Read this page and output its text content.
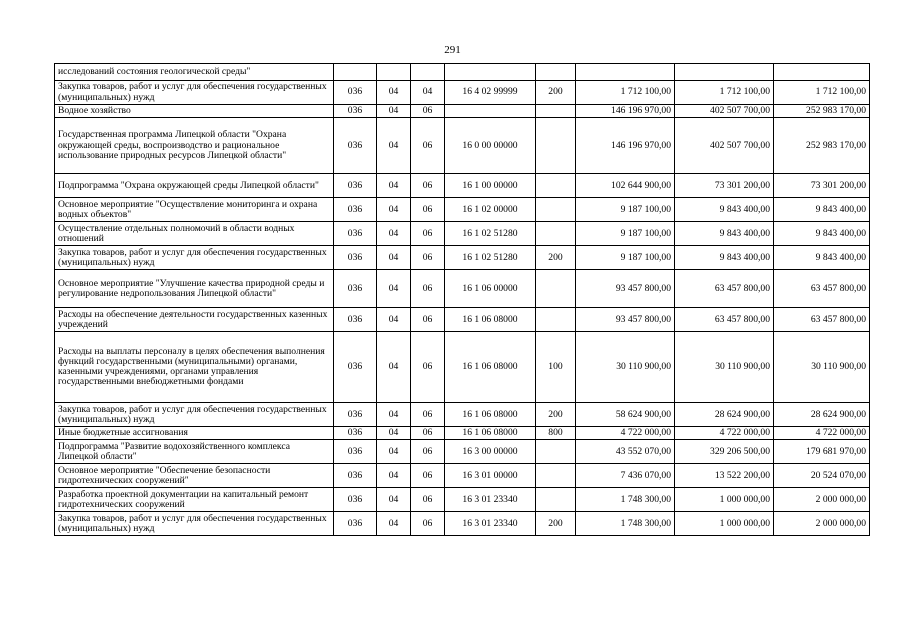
291
исследований состояния геологической среды"								
Закупка товаров, работ и услуг для обеспечения государственных (муниципальных) нужд	036	04	04	16 4 02 99999	200	1 712 100,00	1 712 100,00	1 712 100,00
Водное хозяйство	036	04	06			146 196 970,00	402 507 700,00	252 983 170,00
Государственная программа Липецкой области "Охрана окружающей среды, воспроизводство и рациональное использование природных ресурсов Липецкой области"	036	04	06	16 0 00 00000		146 196 970,00	402 507 700,00	252 983 170,00
Подпрограмма "Охрана окружающей среды Липецкой области"	036	04	06	16 1 00 00000		102 644 900,00	73 301 200,00	73 301 200,00
Основное мероприятие "Осуществление мониторинга и охрана водных объектов"	036	04	06	16 1 02 00000		9 187 100,00	9 843 400,00	9 843 400,00
Осуществление отдельных полномочий в области водных отношений	036	04	06	16 1 02 51280		9 187 100,00	9 843 400,00	9 843 400,00
Закупка товаров, работ и услуг для обеспечения государственных (муниципальных) нужд	036	04	06	16 1 02 51280	200	9 187 100,00	9 843 400,00	9 843 400,00
Основное мероприятие "Улучшение качества природной среды и регулирование недропользования Липецкой области"	036	04	06	16 1 06 00000		93 457 800,00	63 457 800,00	63 457 800,00
Расходы на обеспечение деятельности государственных казенных учреждений	036	04	06	16 1 06 08000		93 457 800,00	63 457 800,00	63 457 800,00
Расходы на выплаты персоналу в целях обеспечения выполнения функций государственными (муниципальными) органами, казенными учреждениями, органами управления государственными внебюджетными фондами	036	04	06	16 1 06 08000	100	30 110 900,00	30 110 900,00	30 110 900,00
Закупка товаров, работ и услуг для обеспечения государственных (муниципальных) нужд	036	04	06	16 1 06 08000	200	58 624 900,00	28 624 900,00	28 624 900,00
Иные бюджетные ассигнования	036	04	06	16 1 06 08000	800	4 722 000,00	4 722 000,00	4 722 000,00
Подпрограмма "Развитие водохозяйственного комплекса Липецкой области"	036	04	06	16 3 00 00000		43 552 070,00	329 206 500,00	179 681 970,00
Основное мероприятие "Обеспечение безопасности гидротехнических сооружений"	036	04	06	16 3 01 00000		7 436 070,00	13 522 200,00	20 524 070,00
Разработка проектной документации на капитальный ремонт гидротехнических сооружений	036	04	06	16 3 01 23340		1 748 300,00	1 000 000,00	2 000 000,00
Закупка товаров, работ и услуг для обеспечения государственных (муниципальных) нужд	036	04	06	16 3 01 23340	200	1 748 300,00	1 000 000,00	2 000 000,00
